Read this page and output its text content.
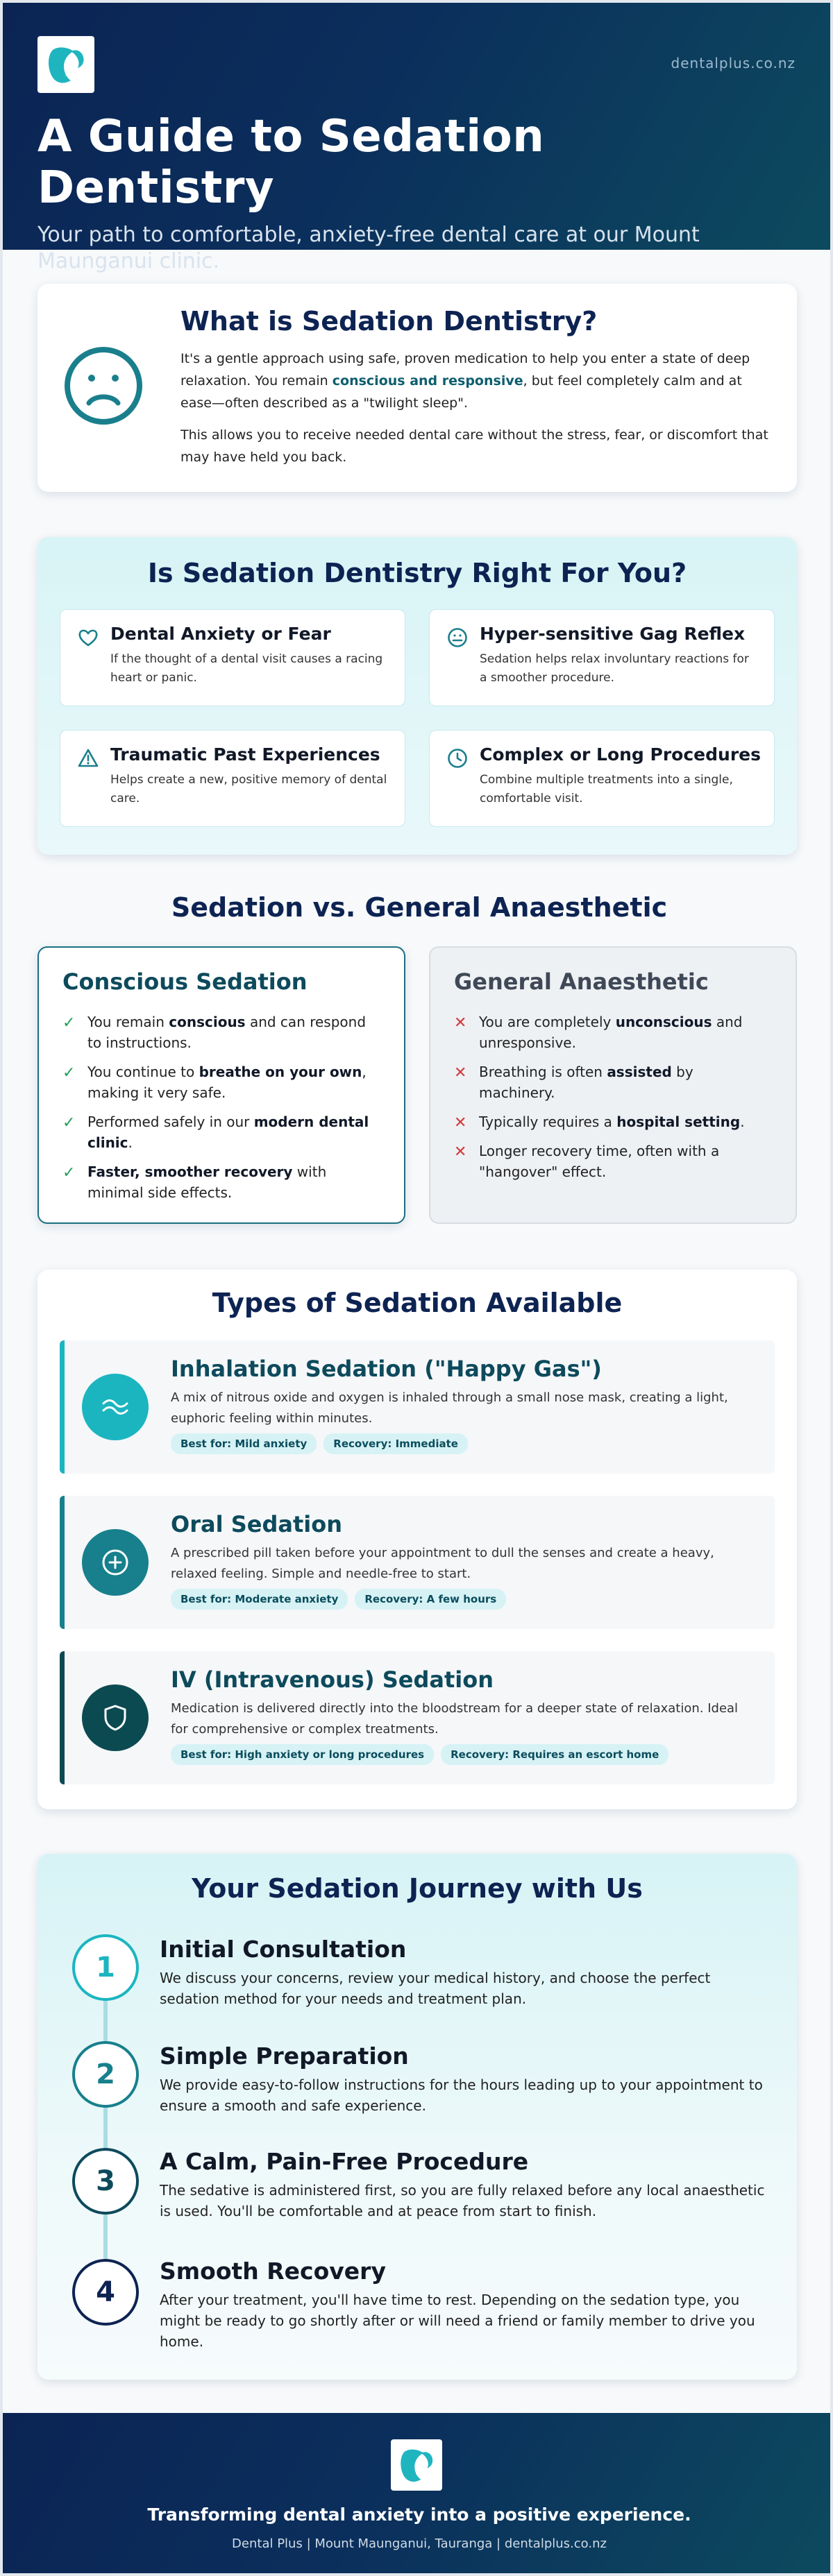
dentalplus.co.nz
A Guide to Sedation Dentistry

Your path to comfortable, anxiety-free dental care at our Mount Maunganui clinic.

What is Sedation Dentistry?

It's a gentle approach using safe, proven medication to help you enter a state of deep relaxation. You remain conscious and responsive, but feel completely calm and at ease—often described as a "twilight sleep".

This allows you to receive needed dental care without the stress, fear, or discomfort that may have held you back.

Is Sedation Dentistry Right For You?
Dental Anxiety or Fear

If the thought of a dental visit causes a racing heart or panic.

Hyper-sensitive Gag Reflex

Sedation helps relax involuntary reactions for a smoother procedure.

Traumatic Past Experiences

Helps create a new, positive memory of dental care.

Complex or Long Procedures

Combine multiple treatments into a single, comfortable visit.

Sedation vs. General Anaesthetic
Conscious Sedation
✓ You remain conscious and can respond to instructions.
✓ You continue to breathe on your own, making it very safe.
✓ Performed safely in our modern dental clinic.
✓ Faster, smoother recovery with minimal side effects.
General Anaesthetic
✕ You are completely unconscious and unresponsive.
✕ Breathing is often assisted by machinery.
✕ Typically requires a hospital setting.
✕ Longer recovery time, often with a "hangover" effect.
Types of Sedation Available
Inhalation Sedation ("Happy Gas")

A mix of nitrous oxide and oxygen is inhaled through a small nose mask, creating a light, euphoric feeling within minutes.

Best for: Mild anxiety	Recovery: Immediate
Oral Sedation

A prescribed pill taken before your appointment to dull the senses and create a heavy, relaxed feeling. Simple and needle-free to start.

Best for: Moderate anxiety	Recovery: A few hours
IV (Intravenous) Sedation

Medication is delivered directly into the bloodstream for a deeper state of relaxation. Ideal for comprehensive or complex treatments.

Best for: High anxiety or long procedures	Recovery: Requires an escort home
Your Sedation Journey with Us
1
Initial Consultation

We discuss your concerns, review your medical history, and choose the perfect sedation method for your needs and treatment plan.

2
Simple Preparation

We provide easy-to-follow instructions for the hours leading up to your appointment to ensure a smooth and safe experience.

3
A Calm, Pain-Free Procedure

The sedative is administered first, so you are fully relaxed before any local anaesthetic is used. You'll be comfortable and at peace from start to finish.

4
Smooth Recovery

After your treatment, you'll have time to rest. Depending on the sedation type, you might be ready to go shortly after or will need a friend or family member to drive you home.

Transforming dental anxiety into a positive experience.
Dental Plus | Mount Maunganui, Tauranga | dentalplus.co.nz
